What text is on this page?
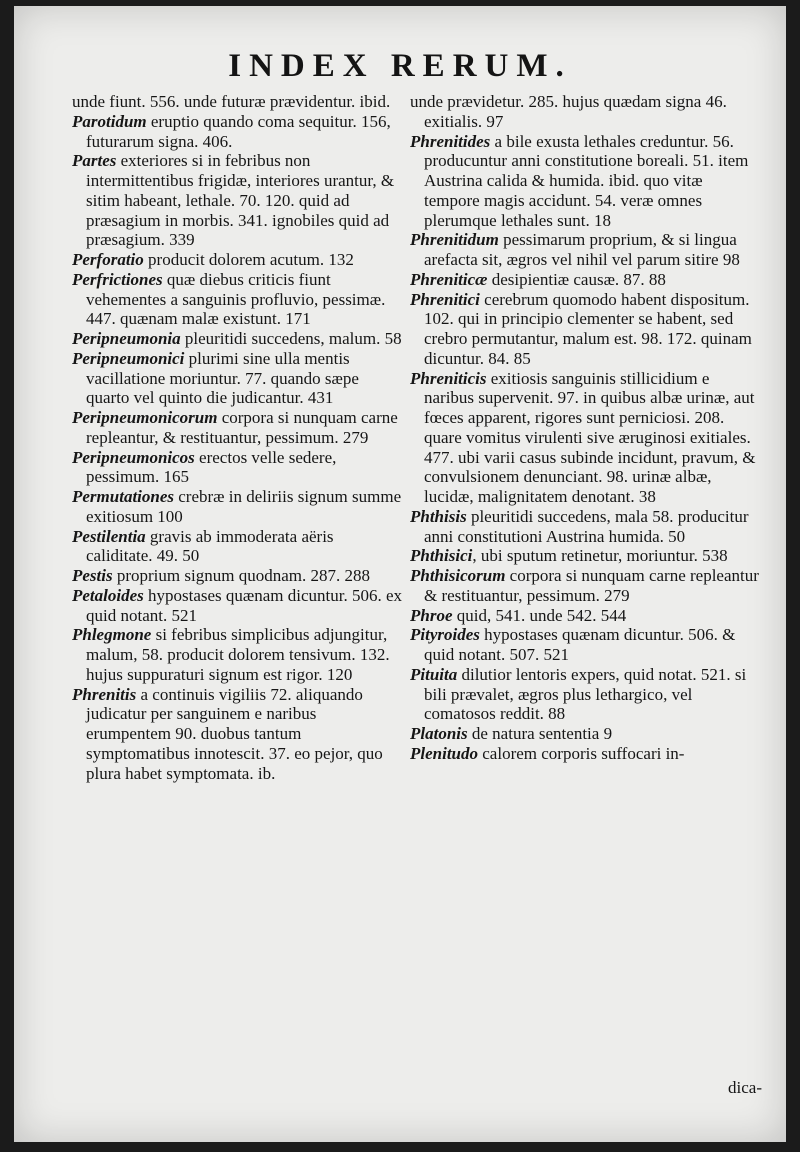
INDEX RERUM.

unde fiunt. 556. unde futuræ prævidentur. ibid.

Parotidum eruptio quando coma sequitur. 156, futurarum signa. 406.

Partes exteriores si in febribus non intermittentibus frigidæ, interiores urantur, & sitim habeant, lethale. 70. 120. quid ad præsagium in morbis. 341. ignobiles quid ad præsagium. 339

Perforatio producit dolorem acutum. 132

Perfrictiones quæ diebus criticis fiunt vehementes a sanguinis profluvio, pessimæ. 447. quænam malæ existunt. 171

Peripneumonia pleuritidi succedens, malum. 58

Peripneumonici plurimi sine ulla mentis vacillatione moriuntur. 77. quando sæpe quarto vel quinto die judicantur. 431

Peripneumonicorum corpora si nunquam carne repleantur, & restituantur, pessimum. 279

Peripneumonicos erectos velle sedere, pessimum. 165

Permutationes crebræ in deliriis signum summe exitiosum 100

Pestilentia gravis ab immoderata aëris caliditate. 49. 50

Pestis proprium signum quodnam. 287. 288

Petaloides hypostases quænam dicuntur. 506. ex quid notant. 521

Phlegmone si febribus simplicibus adjungitur, malum, 58. producit dolorem tensivum. 132. hujus suppuraturi signum est rigor. 120

Phrenitis a continuis vigiliis 72. aliquando judicatur per sanguinem e naribus erumpentem 90. duobus tantum symptomatibus innotescit. 37. eo pejor, quo plura habet symptomata. ib.

unde prævidetur. 285. hujus quædam signa 46. exitialis. 97

Phrenitides a bile exusta lethales creduntur. 56. producuntur anni constitutione boreali. 51. item Austrina calida & humida. ibid. quo vitæ tempore magis accidunt. 54. veræ omnes plerumque lethales sunt. 18

Phrenitidum pessimarum proprium, & si lingua arefacta sit, ægros vel nihil vel parum sitire 98

Phreniticæ desipientiæ causæ. 87. 88

Phrenitici cerebrum quomodo habent dispositum. 102. qui in principio clementer se habent, sed crebro permutantur, malum est. 98. 172. quinam dicuntur. 84. 85

Phreniticis exitiosis sanguinis stillicidium e naribus supervenit. 97. in quibus albæ urinæ, aut fœces apparent, rigores sunt perniciosi. 208. quare vomitus virulenti sive æruginosi exitiales. 477. ubi varii casus subinde incidunt, pravum, & convulsionem denunciant. 98. urinæ albæ, lucidæ, malignitatem denotant. 38

Phthisis pleuritidi succedens, mala 58. producitur anni constitutioni Austrina humida. 50

Phthisici, ubi sputum retinetur, moriuntur. 538

Phthisicorum corpora si nunquam carne repleantur & restituantur, pessimum. 279

Phroe quid, 541. unde 542. 544

Pityroides hypostases quænam dicuntur. 506. & quid notant. 507. 521

Pituita dilutior lentoris expers, quid notat. 521. si bili prævalet, ægros plus lethargico, vel comatosos reddit. 88

Platonis de natura sententia 9

Plenitudo calorem corporis suffocari in-

dica-
